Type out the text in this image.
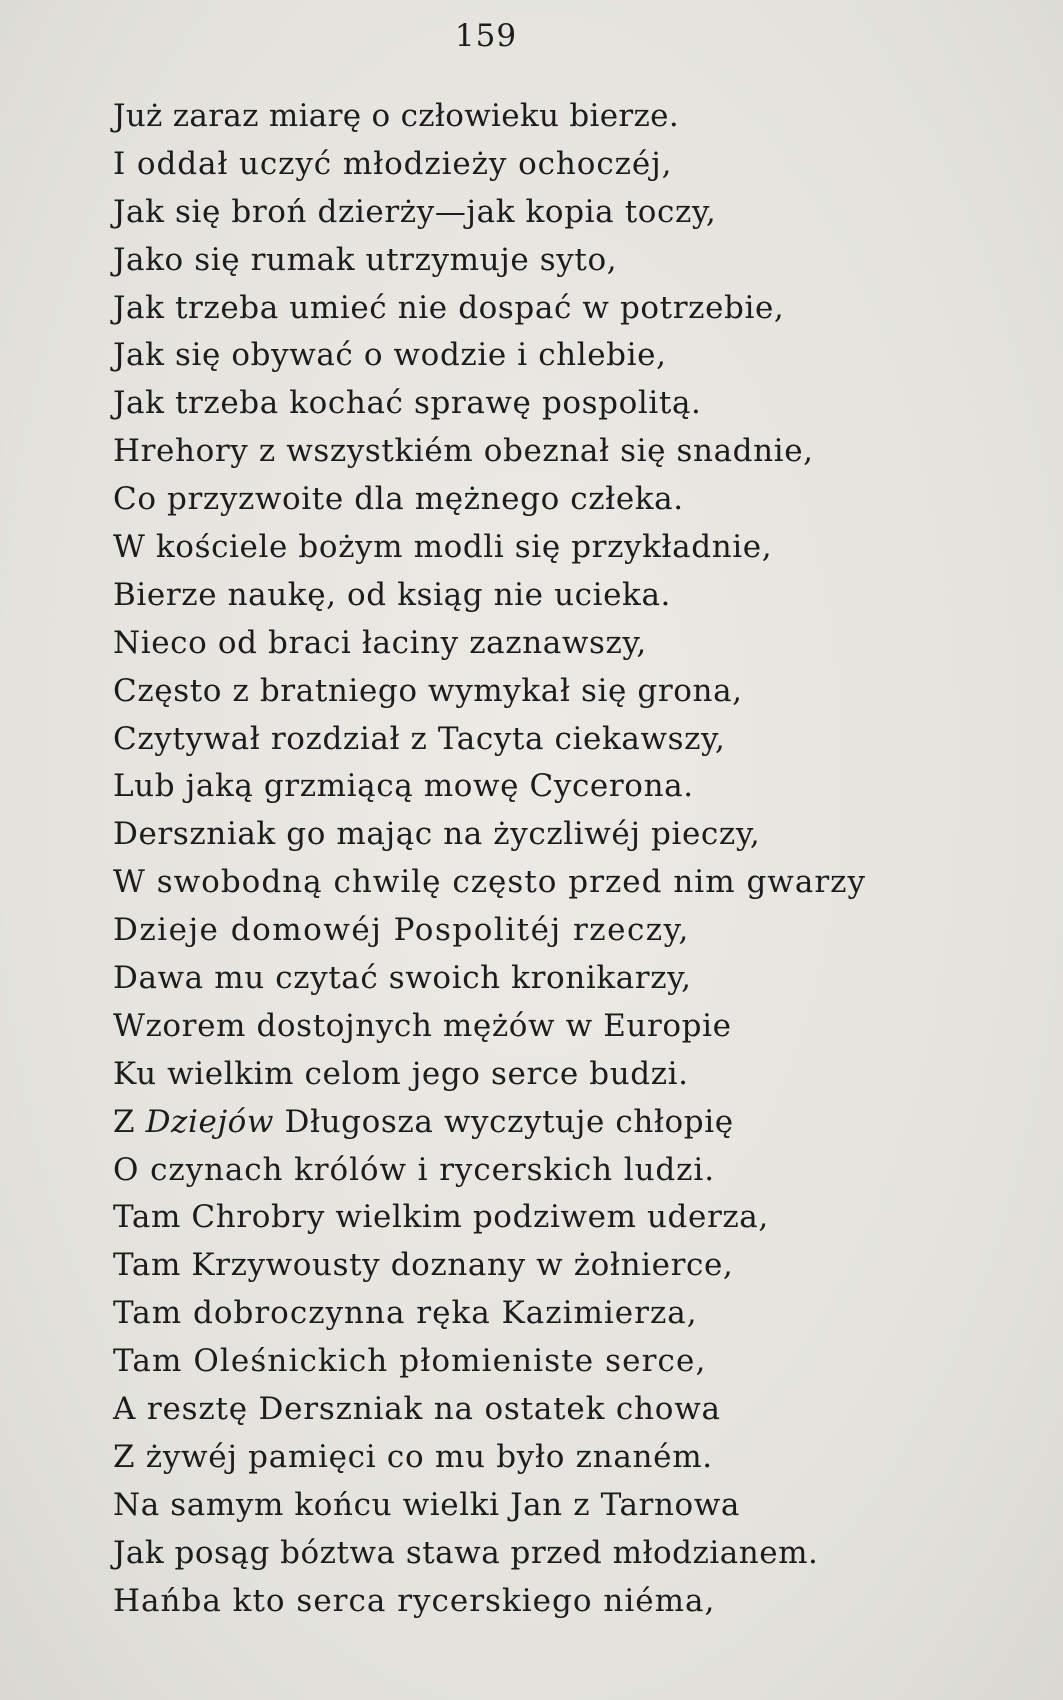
159
Już zaraz miarę o człowieku bierze.
I oddał uczyć młodzieży ochoczéj,
Jak się broń dzierży—jak kopia toczy,
Jako się rumak utrzymuje syto,
Jak trzeba umieć nie dospać w potrzebie,
Jak się obywać o wodzie i chlebie,
Jak trzeba kochać sprawę pospolitą.
Hrehory z wszystkiém obeznał się snadnie,
Co przyzwoite dla mężnego człeka.
W kościele bożym modli się przykładnie,
Bierze naukę, od ksiąg nie ucieka.
Nieco od braci łaciny zaznawszy,
Często z bratniego wymykał się grona,
Czytywał rozdział z Tacyta ciekawszy,
Lub jaką grzmiącą mowę Cycerona.
Derszniak go mając na życzliwéj pieczy,
W swobodną chwilę często przed nim gwarzy
Dzieje domowéj Pospolitéj rzeczy,
Dawa mu czytać swoich kronikarzy,
Wzorem dostojnych mężów w Europie
Ku wielkim celom jego serce budzi.
Z Dziejów Długosza wyczytuje chłopię
O czynach królów i rycerskich ludzi.
Tam Chrobry wielkim podziwem uderza,
Tam Krzywousty doznany w żołnierce,
Tam dobroczynna ręka Kazimierza,
Tam Oleśnickich płomieniste serce,
A resztę Derszniak na ostatek chowa
Z żywéj pamięci co mu było znaném.
Na samym końcu wielki Jan z Tarnowa
Jak posąg bóztwa stawa przed młodzianem.
Hańba kto serca rycerskiego niéma,
